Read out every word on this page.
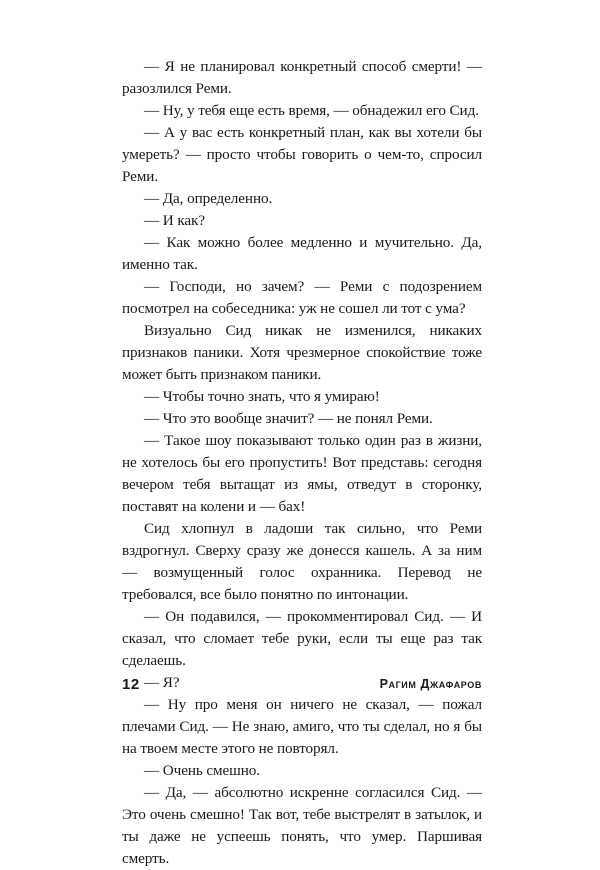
— Я не планировал конкретный способ смерти! — разозлился Реми.

— Ну, у тебя еще есть время, — обнадежил его Сид.

— А у вас есть конкретный план, как вы хотели бы умереть? — просто чтобы говорить о чем-то, спросил Реми.

— Да, определенно.

— И как?

— Как можно более медленно и мучительно. Да, именно так.

— Господи, но зачем? — Реми с подозрением посмотрел на собеседника: уж не сошел ли тот с ума?

Визуально Сид никак не изменился, никаких признаков паники. Хотя чрезмерное спокойствие тоже может быть признаком паники.

— Чтобы точно знать, что я умираю!

— Что это вообще значит? — не понял Реми.

— Такое шоу показывают только один раз в жизни, не хотелось бы его пропустить! Вот представь: сегодня вечером тебя вытащат из ямы, отведут в сторонку, поставят на колени и — бах!

Сид хлопнул в ладоши так сильно, что Реми вздрогнул. Сверху сразу же донесся кашель. А за ним — возмущенный голос охранника. Перевод не требовался, все было понятно по интонации.

— Он подавился, — прокомментировал Сид. — И сказал, что сломает тебе руки, если ты еще раз так сделаешь.

— Я?

— Ну про меня он ничего не сказал, — пожал плечами Сид. — Не знаю, амиго, что ты сделал, но я бы на твоем месте этого не повторял.

— Очень смешно.

— Да, — абсолютно искренне согласился Сид. — Это очень смешно! Так вот, тебе выстрелят в затылок, и ты даже не успеешь понять, что умер. Паршивая смерть.

12	Рагим Джафаров
